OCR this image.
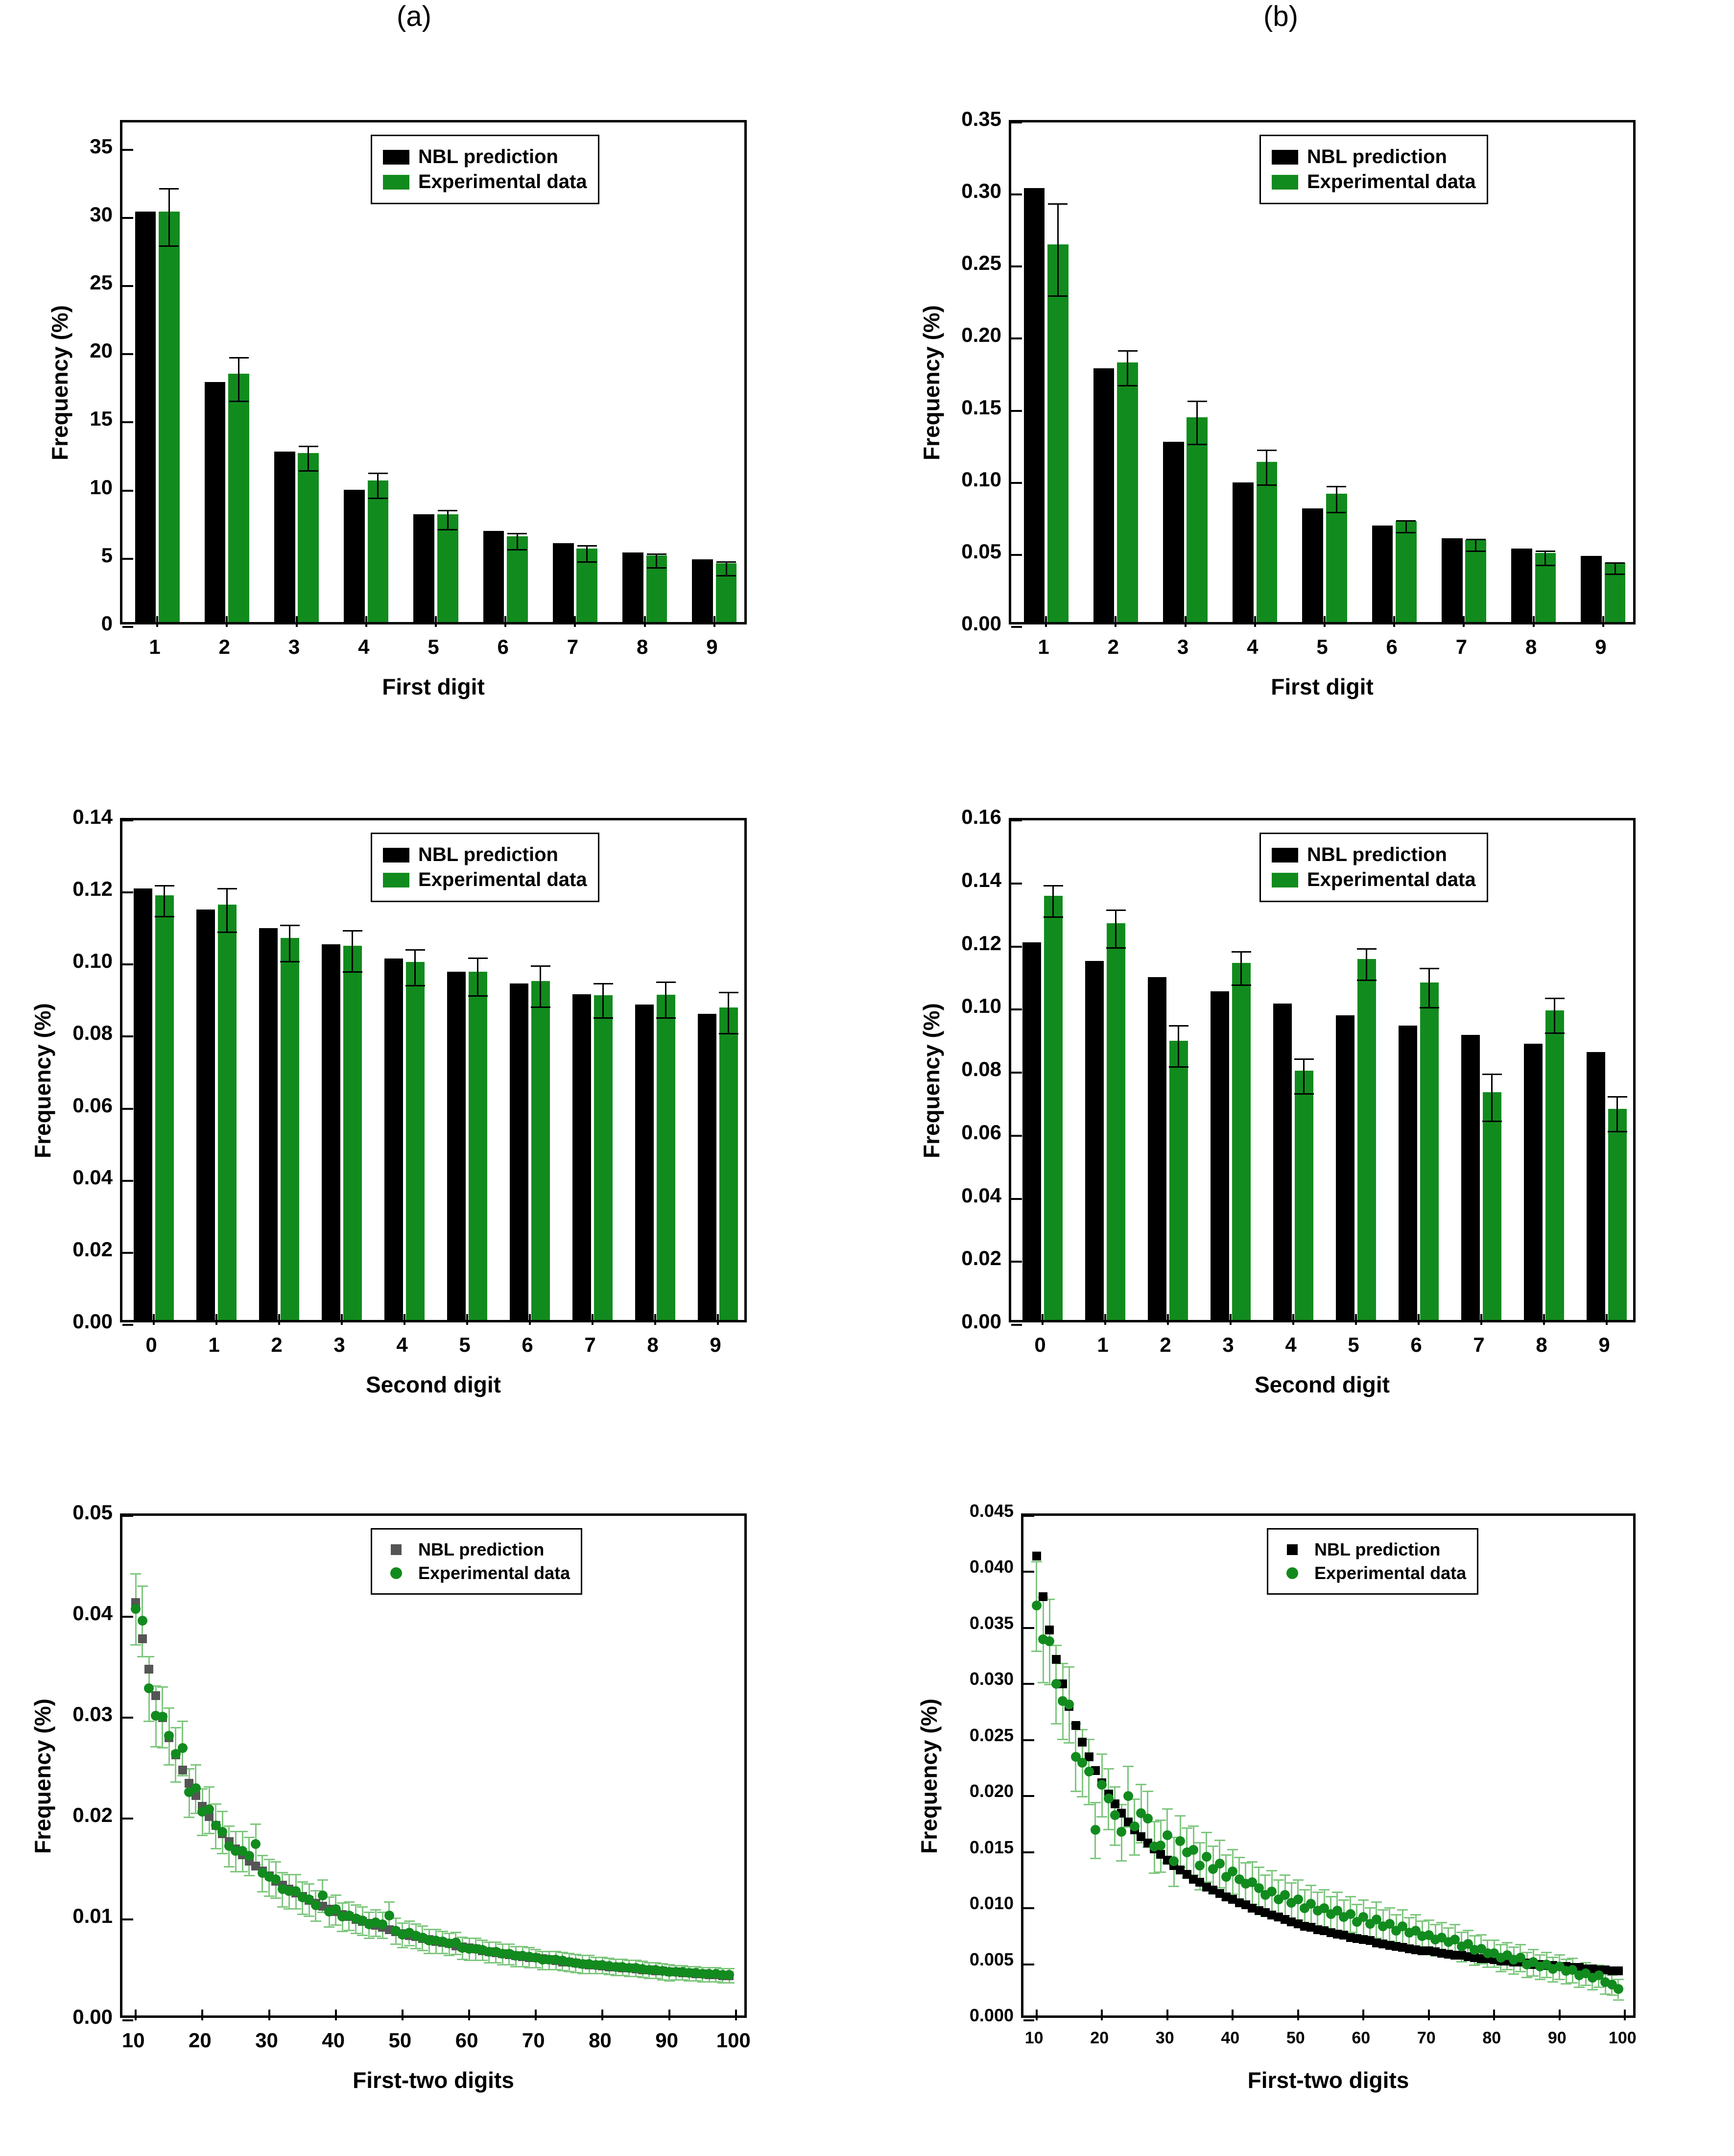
(a)	(b)
0
5
10
15
20
25
30
35
Frequency (%)
First digit
1	2	3	4	5	6	7	8	9
NBL prediction
Experimental data
0.00
0.05
0.10
0.15
0.20
0.25
0.30
0.35
Frequency (%)
First digit
1	2	3	4	5	6	7	8	9
NBL prediction
Experimental data
0.00
0.02
0.04
0.06
0.08
0.10
0.12
0.14
Frequency (%)
Second digit
0	1	2	3	4	5	6	7	8	9
NBL prediction
Experimental data
0.00
0.02
0.04
0.06
0.08
0.10
0.12
0.14
0.16
Frequency (%)
Second digit
0	1	2	3	4	5	6	7	8	9
NBL prediction
Experimental data
0.00
0.01
0.02
0.03
0.04
0.05
Frequency (%)
First-two digits
10	20	30	40	50	60	70	80	90	100
NBL prediction
Experimental data
0.000
0.005
0.010
0.015
0.020
0.025
0.030
0.035
0.040
0.045
Frequency (%)
First-two digits
10	20	30	40	50	60	70	80	90	100
NBL prediction
Experimental data
